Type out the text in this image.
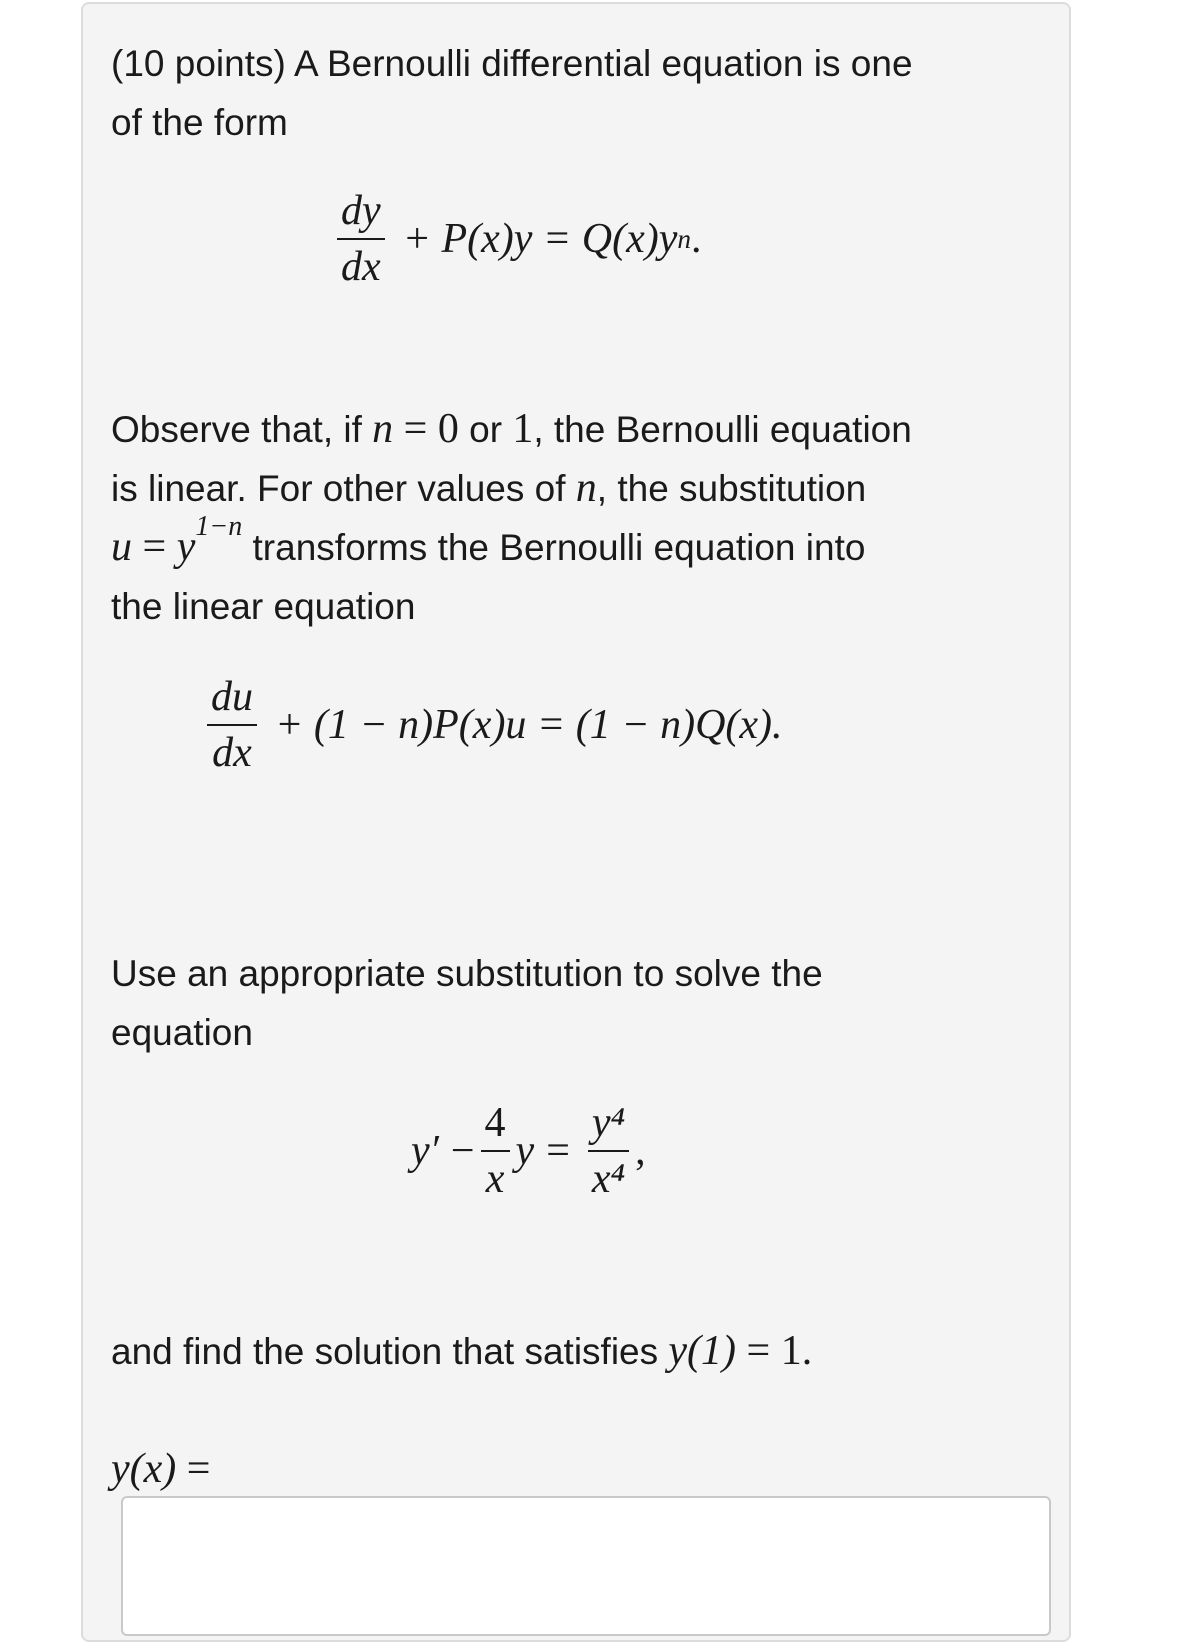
(10 points) A Bernoulli differential equation is one
of the form
$\frac{dy}{dx} + P(x)y = Q(x)y$ n .
Observe that, if n = 0 or 1, the Bernoulli equation
is linear. For other values of n, the substitution
$u = y^{1-n}$ transforms the Bernoulli equation into
the linear equation
$\frac{du}{dx} + (1 - n)P(x)u = (1 - n)Q(x)$.
Use an appropriate substitution to solve the
equation
$y' - \frac{4}{x}$ $y = \frac{\text{y⁴}}{\text{x⁴}}$ ,
and find the solution that satisfies y(1) = 1.
y(x) =
